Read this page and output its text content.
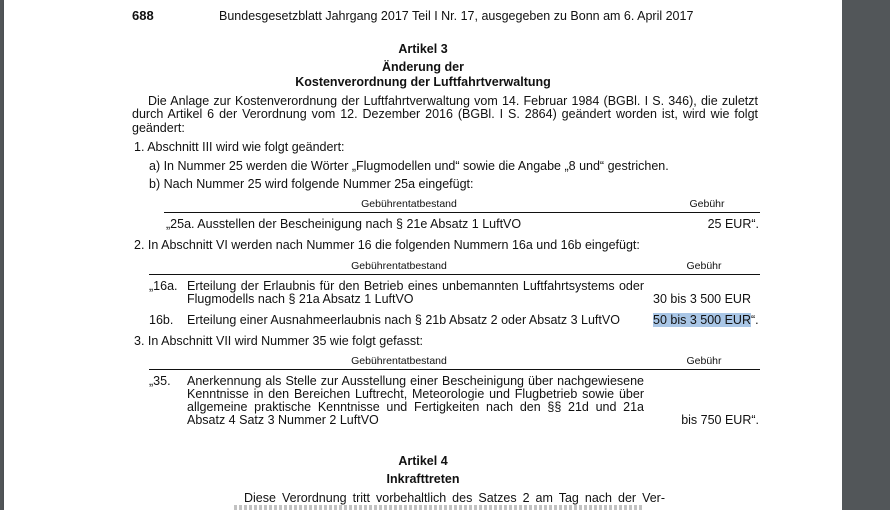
688	Bundesgesetzblatt Jahrgang 2017 Teil I Nr. 17, ausgegeben zu Bonn am 6. April 2017
Artikel 3
Änderung der
Kostenverordnung der Luftfahrtverwaltung
Die Anlage zur Kostenverordnung der Luftfahrtverwaltung vom 14. Februar 1984 (BGBl. I S. 346), die zuletzt
durch Artikel 6 der Verordnung vom 12. Dezember 2016 (BGBl. I S. 2864) geändert worden ist, wird wie folgt
geändert:
1. Abschnitt III wird wie folgt geändert:
a) In Nummer 25 werden die Wörter „Flugmodellen und“ sowie die Angabe „8 und“ gestrichen.
b) Nach Nummer 25 wird folgende Nummer 25a eingefügt:
Gebührentatbestand	Gebühr
„25a. Ausstellen der Bescheinigung nach § 21e Absatz 1 LuftVO	25 EUR“.
2. In Abschnitt VI werden nach Nummer 16 die folgenden Nummern 16a und 16b eingefügt:
Gebührentatbestand	Gebühr
„16a. Erteilung der Erlaubnis für den Betrieb eines unbemannten Luftfahrtsystems oder
Flugmodells nach § 21a Absatz 1 LuftVO	30 bis 3 500 EUR
16b. Erteilung einer Ausnahmeerlaubnis nach § 21b Absatz 2 oder Absatz 3 LuftVO	50 bis 3 500 EUR“.
3. In Abschnitt VII wird Nummer 35 wie folgt gefasst:
Gebührentatbestand	Gebühr
„35. Anerkennung als Stelle zur Ausstellung einer Bescheinigung über nachgewiesene
Kenntnisse in den Bereichen Luftrecht, Meteorologie und Flugbetrieb sowie über
allgemeine praktische Kenntnisse und Fertigkeiten nach den §§ 21d und 21a
Absatz 4 Satz 3 Nummer 2 LuftVO	bis 750 EUR“.
Artikel 4
Inkrafttreten
Diese Verordnung tritt vorbehaltlich des Satzes 2 am Tag nach der Ver-
